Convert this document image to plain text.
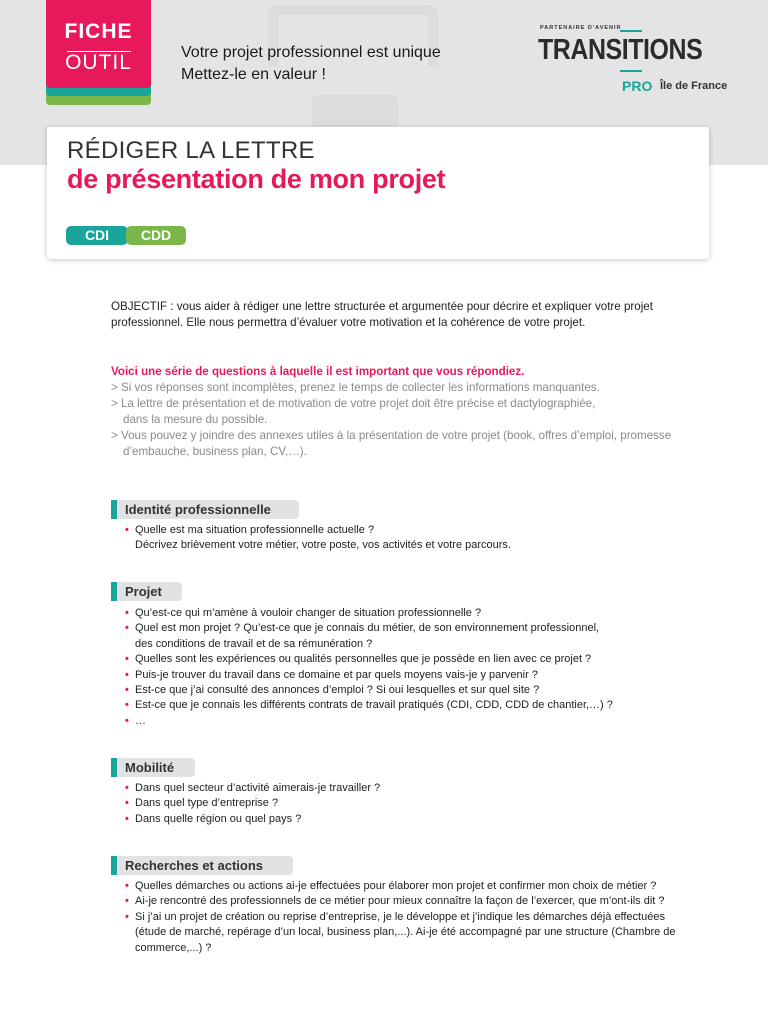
FICHE
OUTIL	Votre projet professionnel est unique
Mettez-le en valeur !
PARTENAIRE D'AVENIR
TRANSITIONS
PRO Île de France
RÉDIGER LA LETTRE
de présentation de mon projet
CDI	CDD

OBJECTIF : vous aider à rédiger une lettre structurée et argumentée pour décrire et expliquer votre projet professionnel. Elle nous permettra d’évaluer votre motivation et la cohérence de votre projet.

Voici une série de questions à laquelle il est important que vous répondiez.
> Si vos réponses sont incomplètes, prenez le temps de collecter les informations manquantes.
> La lettre de présentation et de motivation de votre projet doit être précise et dactylographiée,
dans la mesure du possible.
> Vous pouvez y joindre des annexes utiles à la présentation de votre projet (book, offres d’emploi, promesse
d’embauche, business plan, CV,…).
Identité professionnelle
• Quelle est ma situation professionnelle actuelle ?
Décrivez brièvement votre métier, votre poste, vos activités et votre parcours.
Projet
• Qu’est-ce qui m’amène à vouloir changer de situation professionnelle ?
• Quel est mon projet ? Qu’est-ce que je connais du métier, de son environnement professionnel,
des conditions de travail et de sa rémunération ?
• Quelles sont les expériences ou qualités personnelles que je possède en lien avec ce projet ?
• Puis-je trouver du travail dans ce domaine et par quels moyens vais-je y parvenir ?
• Est-ce que j’ai consulté des annonces d’emploi ? Si oui lesquelles et sur quel site ?
• Est-ce que je connais les différents contrats de travail pratiqués (CDI, CDD, CDD de chantier,…) ?
• …
Mobilité
• Dans quel secteur d’activité aimerais-je travailler ?
• Dans quel type d’entreprise ?
• Dans quelle région ou quel pays ?
Recherches et actions
• Quelles démarches ou actions ai-je effectuées pour élaborer mon projet et confirmer mon choix de métier ?
• Ai-je rencontré des professionnels de ce métier pour mieux connaître la façon de l’exercer, que m’ont-ils dit ?
• Si j’ai un projet de création ou reprise d’entreprise, je le développe et j’indique les démarches déjà effectuées
(étude de marché, repérage d’un local, business plan,...). Ai-je été accompagné par une structure (Chambre de
commerce,...) ?
